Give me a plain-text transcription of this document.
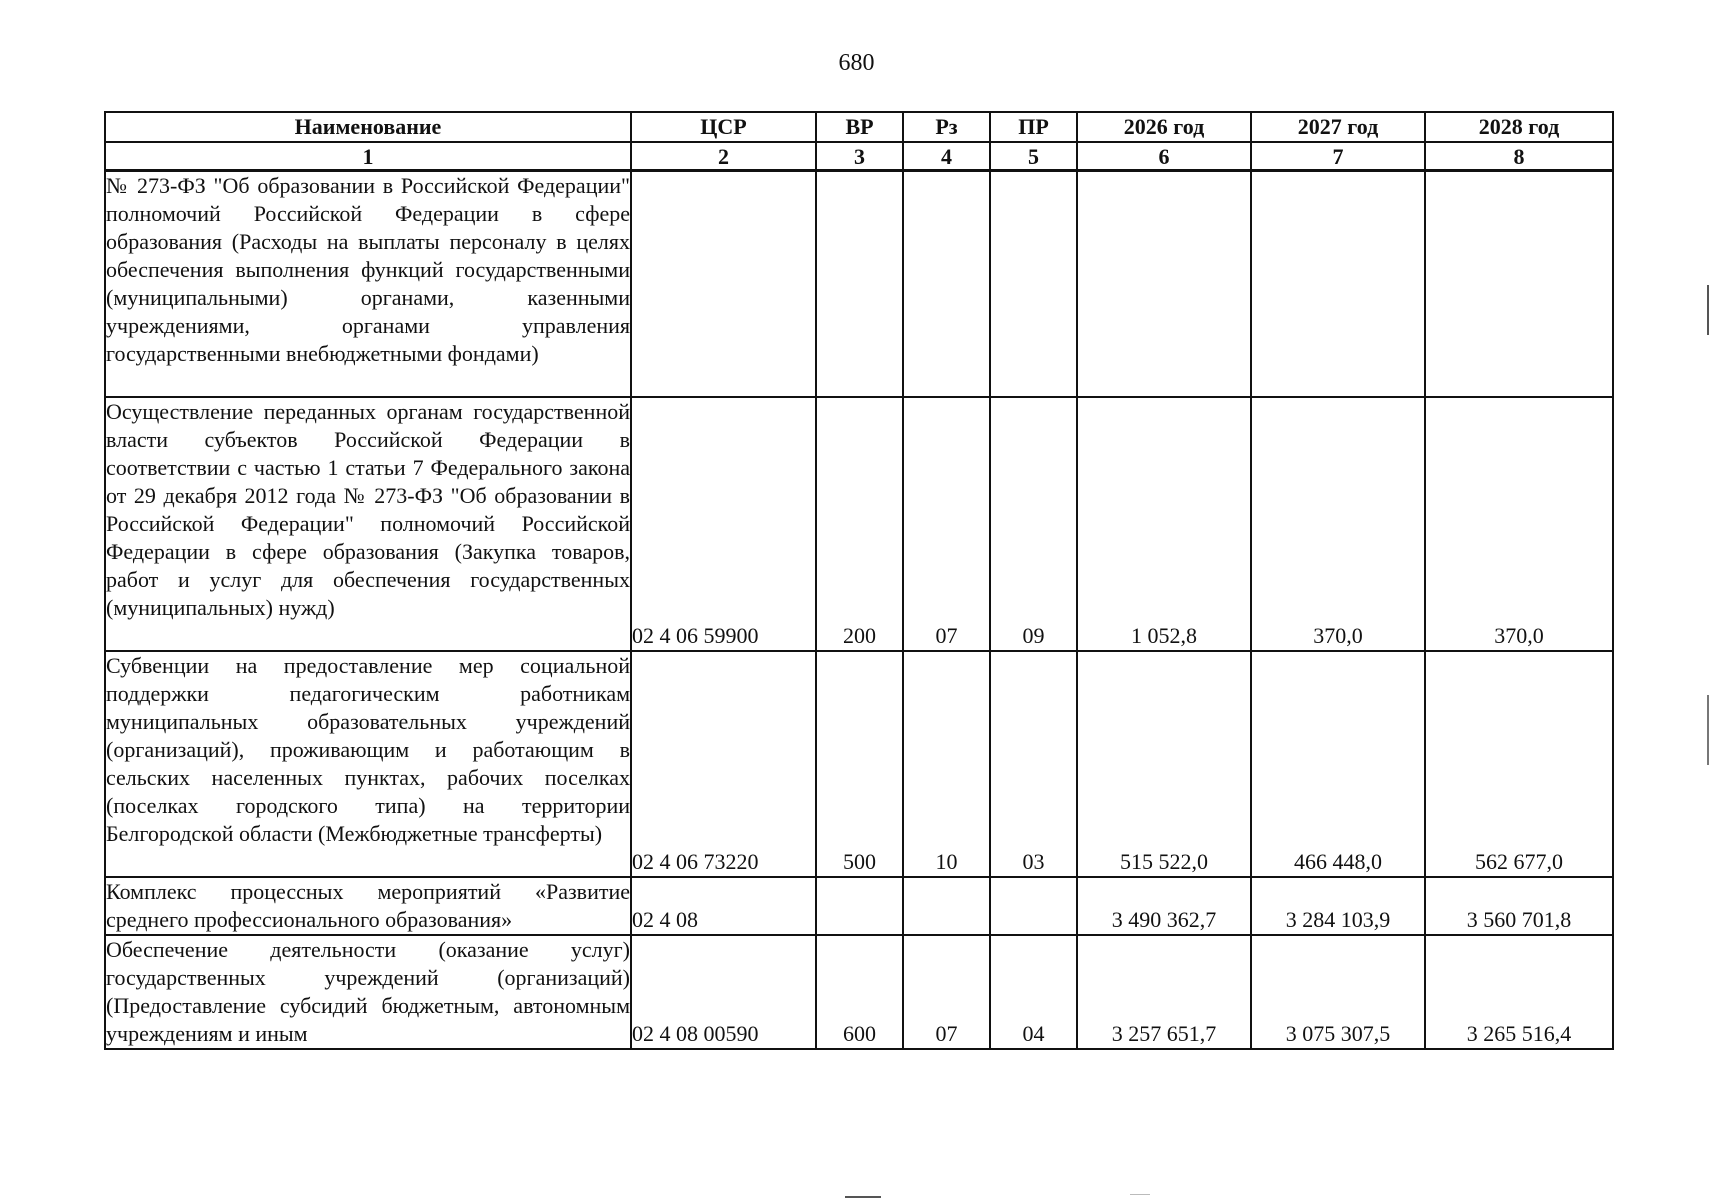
680
Наименование	ЦСР	ВР	Рз	ПР	2026 год	2027 год	2028 год
1	2	3	4	5	6	7	8
№ 273-ФЗ "Об образовании в Российской Федерации" полномочий Российской Федерации в сфере образования (Расходы на выплаты персоналу в целях обеспечения выполнения функций государственными (муниципальными) органами, казенными учреждениями, органами управления государственными внебюджетными фондами)							
Осуществление переданных органам государственной власти субъектов Российской Федерации в соответствии с частью 1 статьи 7 Федерального закона от 29 декабря 2012 года № 273-ФЗ "Об образовании в Российской Федерации" полномочий Российской Федерации в сфере образования (Закупка товаров, работ и услуг для обеспечения государственных (муниципальных) нужд)	02 4 06 59900	200	07	09	1 052,8	370,0	370,0
Субвенции на предоставление мер социальной поддержки педагогическим работникам муниципальных образовательных учреждений (организаций), проживающим и работающим в сельских населенных пунктах, рабочих поселках (поселках городского типа) на территории Белгородской области (Межбюджетные трансферты)	02 4 06 73220	500	10	03	515 522,0	466 448,0	562 677,0
Комплекс процессных мероприятий «Развитие среднего профессионального образования»	02 4 08				3 490 362,7	3 284 103,9	3 560 701,8
Обеспечение деятельности (оказание услуг) государственных учреждений (организаций) (Предоставление субсидий бюджетным, автономным учреждениям и иным	02 4 08 00590	600	07	04	3 257 651,7	3 075 307,5	3 265 516,4
